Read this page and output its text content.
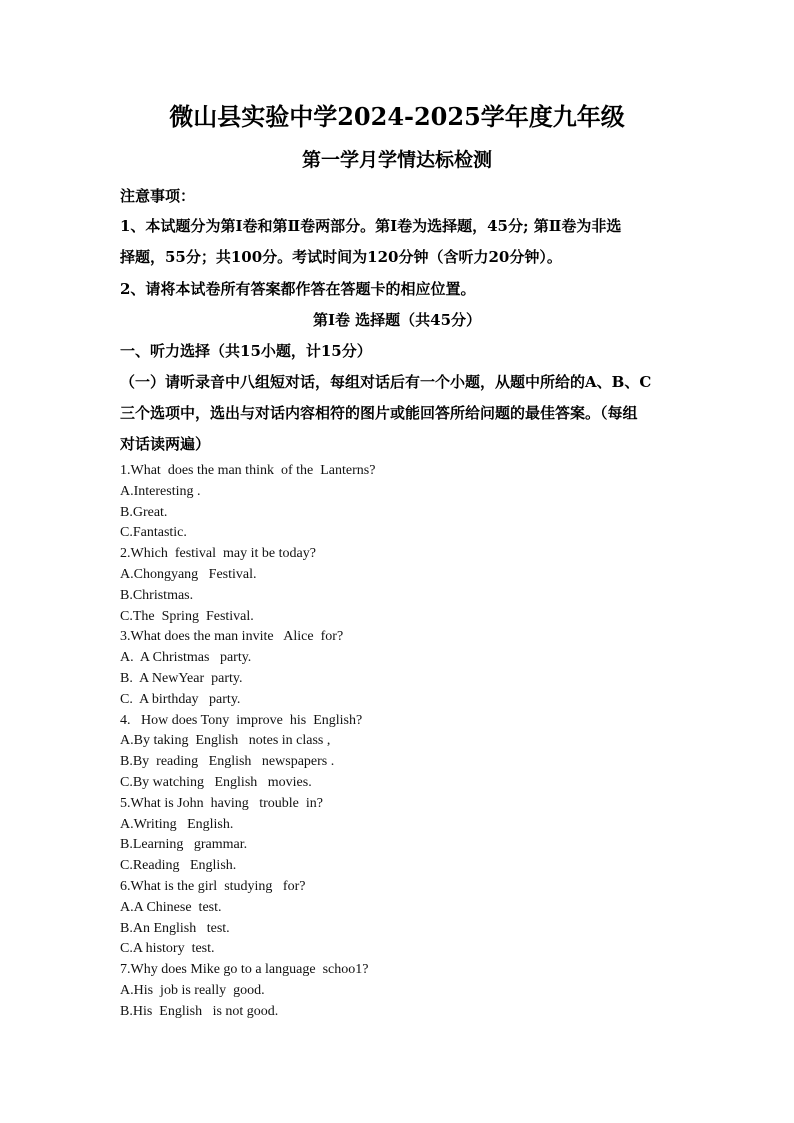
微山县实验中学2024-2025学年度九年级
第一学月学情达标检测
注意事项：
1、本试题分为第Ⅰ卷和第Ⅱ卷两部分。第Ⅰ卷为选择题，45分; 第Ⅱ卷为非选
择题，55分；共100分。考试时间为120分钟（含听力20分钟）。
2、请将本试卷所有答案都作答在答题卡的相应位置。
第Ⅰ卷 选择题（共45分）
一、听力选择（共15小题，计15分）
（一）请听录音中八组短对话，每组对话后有一个小题，从题中所给的A、B、C
三个选项中，选出与对话内容相符的图片或能回答所给问题的最佳答案。（每组
对话读两遍）
1.What  does the man think  of the  Lanterns?
A.Interesting .
B.Great.
C.Fantastic.
2.Which  festival  may it be today?
A.Chongyang   Festival.
B.Christmas.
C.The  Spring  Festival.
3.What does the man invite   Alice  for?
A.  A Christmas   party.
B.  A NewYear  party.
C.  A birthday   party.
4.   How does Tony  improve  his  English?
A.By taking  English   notes in class ,
B.By  reading   English   newspapers .
C.By watching   English   movies.
5.What is John  having   trouble  in?
A.Writing   English.
B.Learning   grammar.
C.Reading   English.
6.What is the girl  studying   for?
A.A Chinese  test.
B.An English   test.
C.A history  test.
7.Why does Mike go to a language  schoo1?
A.His  job is really  good.
B.His  English   is not good.
